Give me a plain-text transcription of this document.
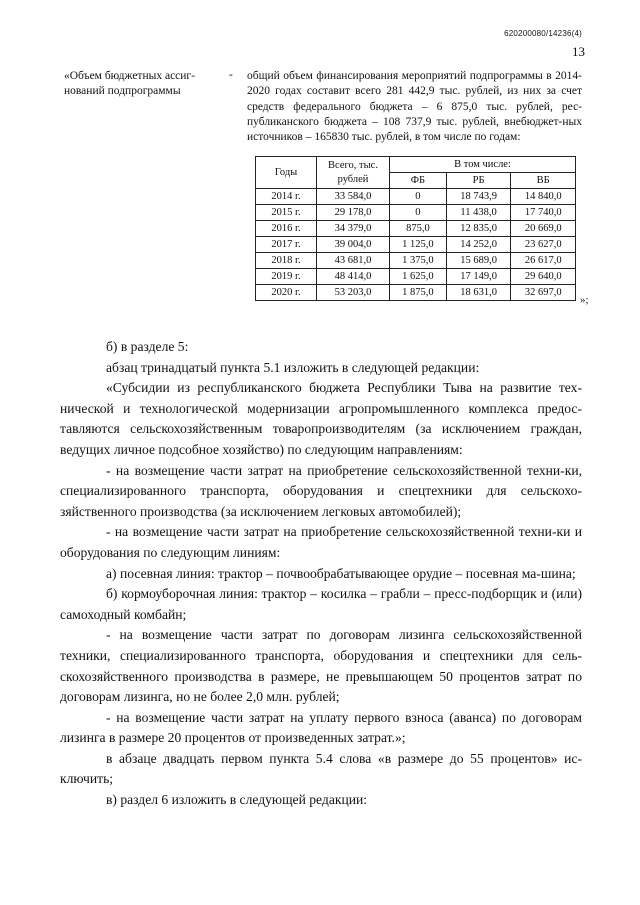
620200080/14236(4)
13
«Объем бюджетных ассиг-нований подпрограммы
- общий объем финансирования мероприятий подпрограммы в 2014-2020 годах составит всего 281 442,9 тыс. рублей, из них за счет средств федерального бюджета – 6 875,0 тыс. рублей, рес-публиканского бюджета – 108 737,9 тыс. рублей, внебюджет-ных источников – 165830 тыс. рублей, в том числе по годам:
Годы	Всего, тыс. рублей	В том числе:		
		ФБ	РБ	ВБ
2014 г.	33 584,0	0	18 743,9	14 840,0
2015 г.	29 178,0	0	11 438,0	17 740,0
2016 г.	34 379,0	875,0	12 835,0	20 669,0
2017 г.	39 004,0	1 125,0	14 252,0	23 627,0
2018 г.	43 681,0	1 375,0	15 689,0	26 617,0
2019 г.	48 414,0	1 625,0	17 149,0	29 640,0
2020 г.	53 203,0	1 875,0	18 631,0	32 697,0
»;

б) в разделе 5:

абзац тринадцатый пункта 5.1 изложить в следующей редакции:

«Субсидии из республиканского бюджета Республики Тыва на развитие тех-нической и технологической модернизации агропромышленного комплекса предос-тавляются сельскохозяйственным товаропроизводителям (за исключением граждан, ведущих личное подсобное хозяйство) по следующим направлениям:

- на возмещение части затрат на приобретение сельскохозяйственной техни-ки, специализированного транспорта, оборудования и спецтехники для сельскохо-зяйственного производства (за исключением легковых автомобилей);

- на возмещение части затрат на приобретение сельскохозяйственной техни-ки и оборудования по следующим линиям:

а) посевная линия: трактор – почвообрабатывающее орудие – посевная ма-шина;

б) кормоуборочная линия: трактор – косилка – грабли – пресс-подборщик и (или) самоходный комбайн;

- на возмещение части затрат по договорам лизинга сельскохозяйственной техники, специализированного транспорта, оборудования и спецтехники для сель-скохозяйственного производства в размере, не превышающем 50 процентов затрат по договорам лизинга, но не более 2,0 млн. рублей;

- на возмещение части затрат на уплату первого взноса (аванса) по договорам лизинга в размере 20 процентов от произведенных затрат.»;

в абзаце двадцать первом пункта 5.4 слова «в размере до 55 процентов» ис-ключить;

в) раздел 6 изложить в следующей редакции:
